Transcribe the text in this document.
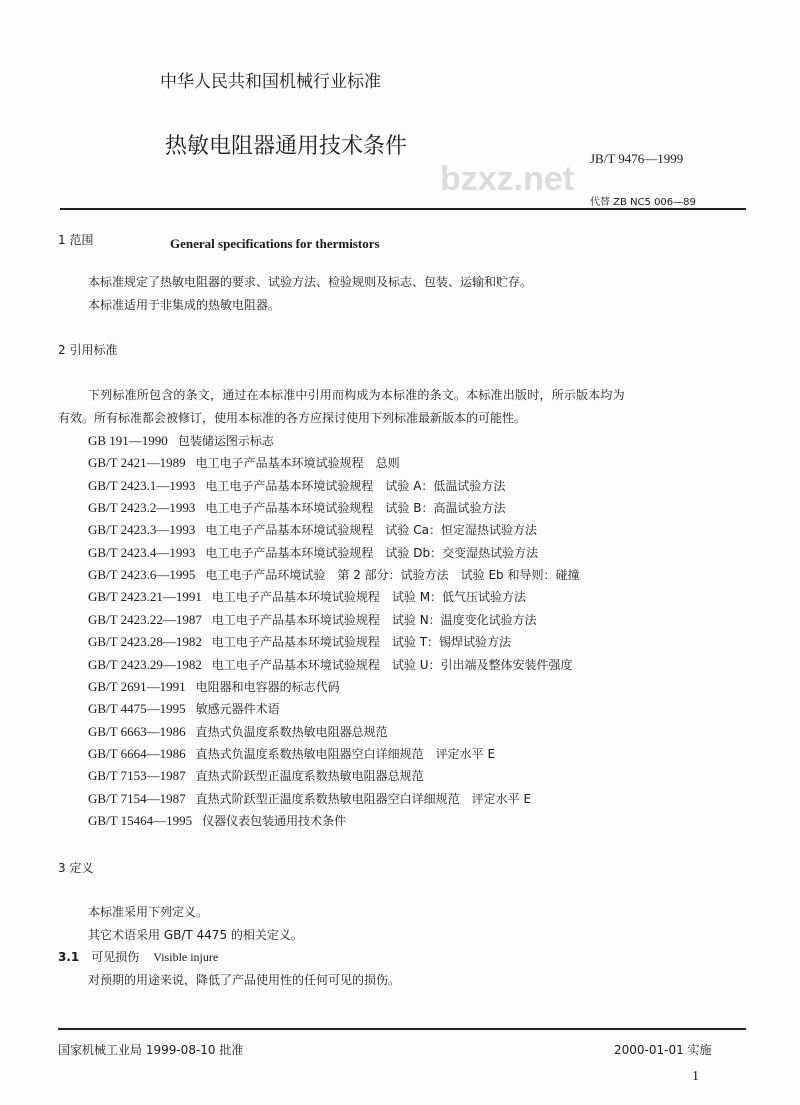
bzxz.net
中华人民共和国机械行业标准
热敏电阻器通用技术条件	JB/T 9476—1999
代替 ZB NC5 006—89
General specifications for thermistors
1 范围
本标准规定了热敏电阻器的要求、试验方法、检验规则及标志、包装、运输和贮存。
本标准适用于非集成的热敏电阻器。
2 引用标准
下列标准所包含的条文，通过在本标准中引用而构成为本标准的条文。本标准出版时，所示版本均为
有效。所有标准都会被修订，使用本标准的各方应探讨使用下列标准最新版本的可能性。
GB 191—1990 包装储运图示标志
GB/T 2421—1989 电工电子产品基本环境试验规程　总则
GB/T 2423.1—1993 电工电子产品基本环境试验规程　试验 A：低温试验方法
GB/T 2423.2—1993 电工电子产品基本环境试验规程　试验 B：高温试验方法
GB/T 2423.3—1993 电工电子产品基本环境试验规程　试验 Ca：恒定湿热试验方法
GB/T 2423.4—1993 电工电子产品基本环境试验规程　试验 Db：交变湿热试验方法
GB/T 2423.6—1995 电工电子产品环境试验　第 2 部分：试验方法　试验 Eb 和导则：碰撞
GB/T 2423.21—1991 电工电子产品基本环境试验规程　试验 M：低气压试验方法
GB/T 2423.22—1987 电工电子产品基本环境试验规程　试验 N：温度变化试验方法
GB/T 2423.28—1982 电工电子产品基本环境试验规程　试验 T：锡焊试验方法
GB/T 2423.29—1982 电工电子产品基本环境试验规程　试验 U：引出端及整体安装件强度
GB/T 2691—1991 电阻器和电容器的标志代码
GB/T 4475—1995 敏感元器件术语
GB/T 6663—1986 直热式负温度系数热敏电阻器总规范
GB/T 6664—1986 直热式负温度系数热敏电阻器空白详细规范　评定水平 E
GB/T 7153—1987 直热式阶跃型正温度系数热敏电阻器总规范
GB/T 7154—1987 直热式阶跃型正温度系数热敏电阻器空白详细规范　评定水平 E
GB/T 15464—1995 仪器仪表包装通用技术条件
3 定义
本标准采用下列定义。
其它术语采用 GB/T 4475 的相关定义。
3.1 可见损伤 Visible injure
对预期的用途来说，降低了产品使用性的任何可见的损伤。
国家机械工业局 1999-08-10 批准	2000-01-01 实施
1
